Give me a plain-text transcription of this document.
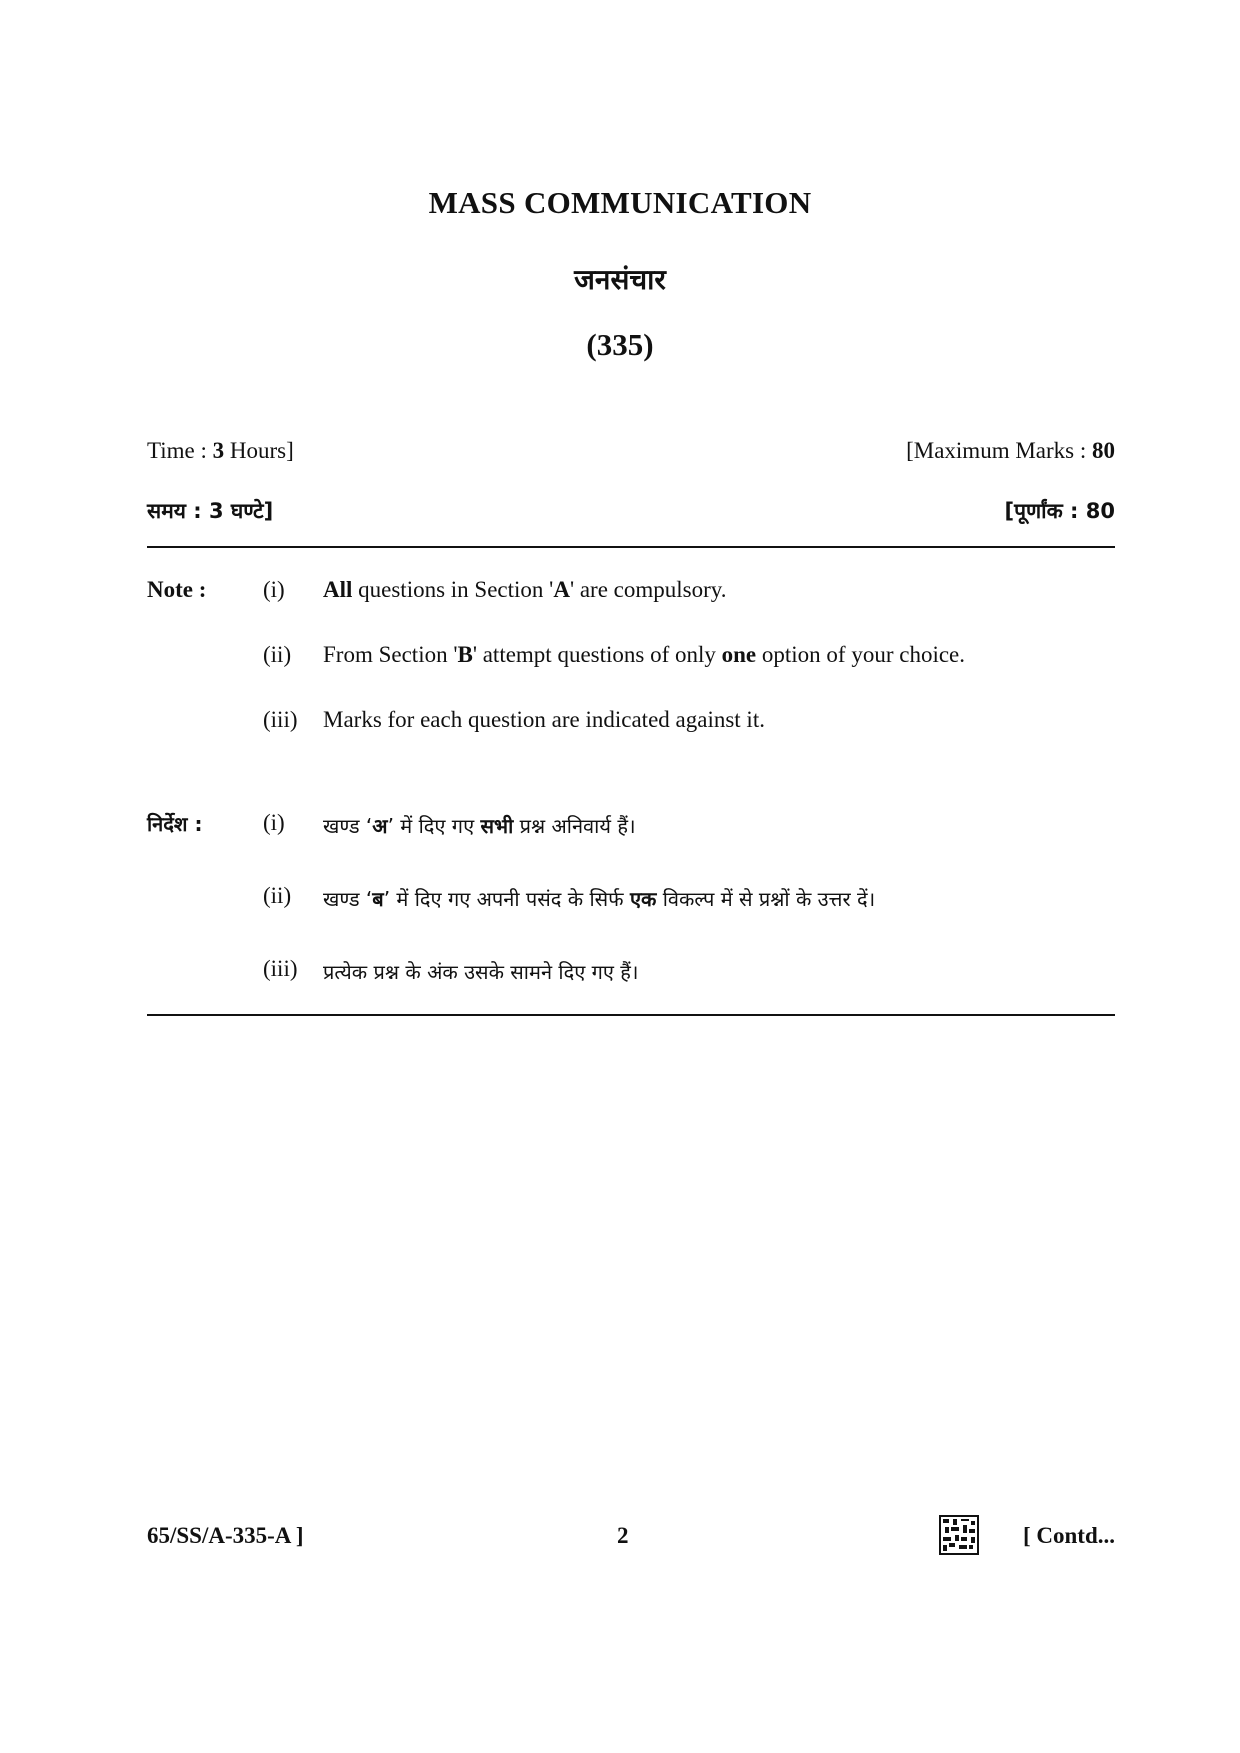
MASS COMMUNICATION
जनसंचार
(335)
Time : 3 Hours]	[Maximum Marks : 80
समय : 3 घण्टे]	[पूर्णांक : 80
Note : (i) All questions in Section 'A' are compulsory.
(ii) From Section 'B' attempt questions of only one option of your choice.
(iii) Marks for each question are indicated against it.
निर्देश :	(i) खण्ड ‘अ’ में दिए गए सभी प्रश्न अनिवार्य हैं।
(ii) खण्ड ‘ब’ में दिए गए अपनी पसंद के सिर्फ एक विकल्प में से प्रश्नों के उत्तर दें।
(iii) प्रत्येक प्रश्न के अंक उसके सामने दिए गए हैं।
65/SS/A-335-A ]	2	[ Contd...
